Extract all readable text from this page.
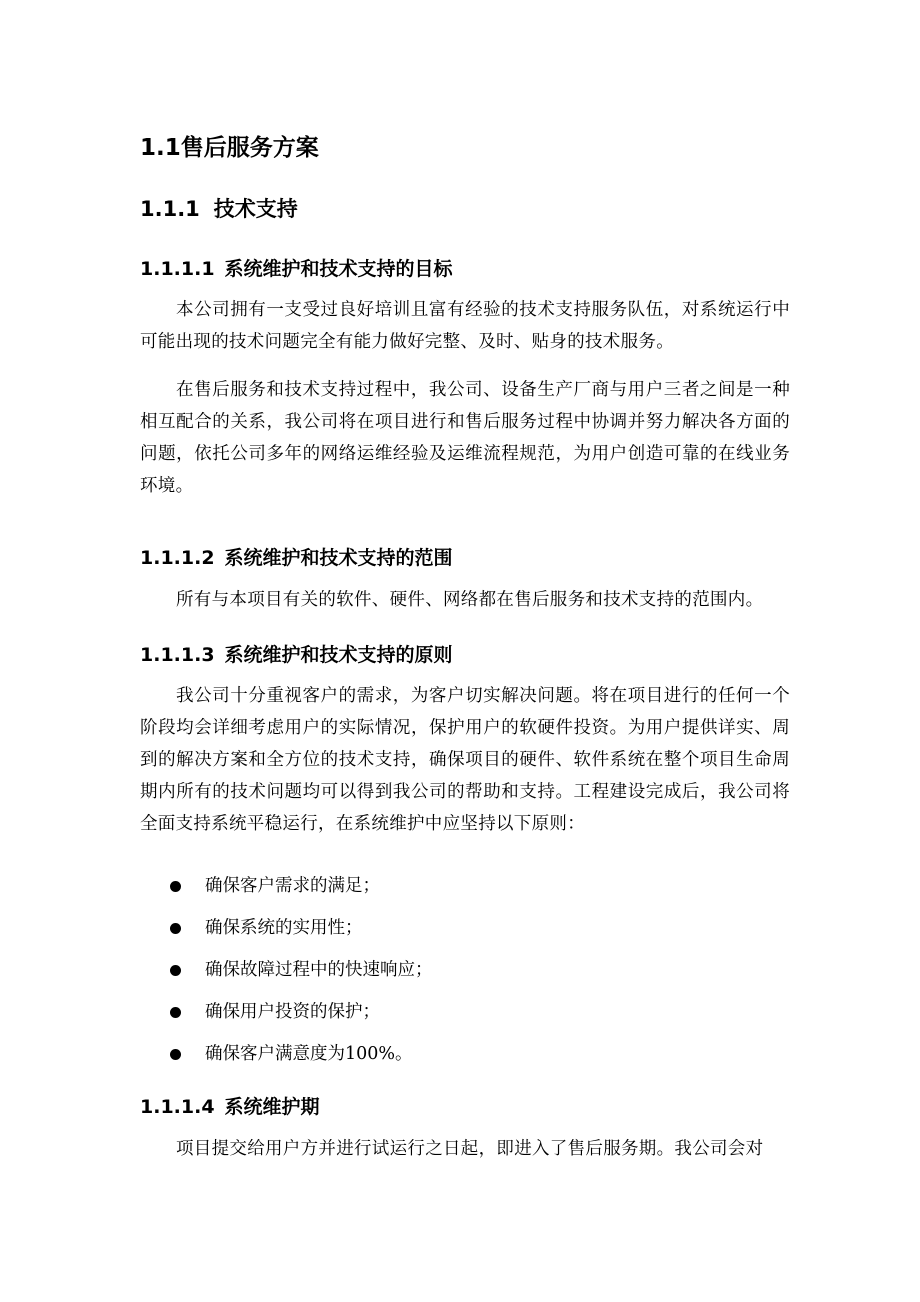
1.1售后服务方案
1.1.1 技术支持
1.1.1.1 系统维护和技术支持的目标

本公司拥有一支受过良好培训且富有经验的技术支持服务队伍，对系统运行中可能出现的技术问题完全有能力做好完整、及时、贴身的技术服务。

在售后服务和技术支持过程中，我公司、设备生产厂商与用户三者之间是一种相互配合的关系，我公司将在项目进行和售后服务过程中协调并努力解决各方面的问题，依托公司多年的网络运维经验及运维流程规范，为用户创造可靠的在线业务环境。

1.1.1.2 系统维护和技术支持的范围

所有与本项目有关的软件、硬件、网络都在售后服务和技术支持的范围内。

1.1.1.3 系统维护和技术支持的原则

我公司十分重视客户的需求，为客户切实解决问题。将在项目进行的任何一个阶段均会详细考虑用户的实际情况，保护用户的软硬件投资。为用户提供详实、周到的解决方案和全方位的技术支持，确保项目的硬件、软件系统在整个项目生命周期内所有的技术问题均可以得到我公司的帮助和支持。工程建设完成后，我公司将全面支持系统平稳运行，在系统维护中应坚持以下原则：

确保客户需求的满足；
确保系统的实用性；
确保故障过程中的快速响应；
确保用户投资的保护；
确保客户满意度为100%。
1.1.1.4 系统维护期

项目提交给用户方并进行试运行之日起，即进入了售后服务期。我公司会对
